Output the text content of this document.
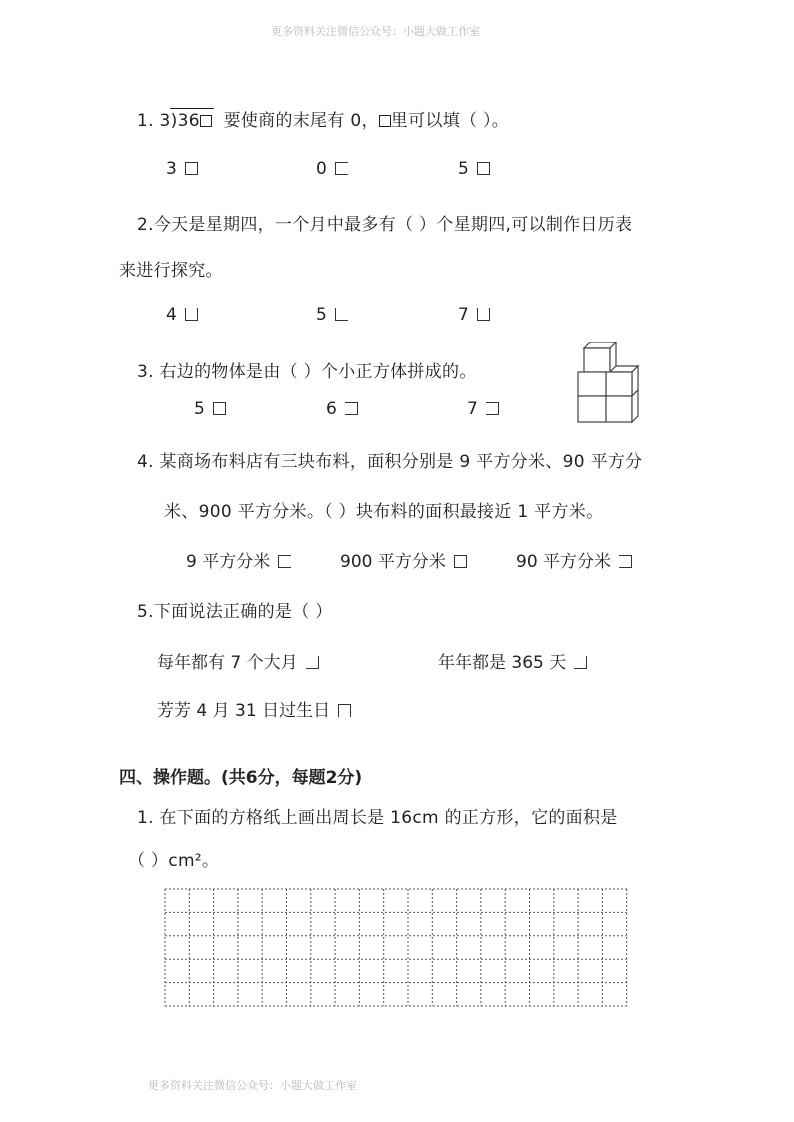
更多资料关注微信公众号：小题大做工作室
1. 3)36 要使商的末尾有 0， 里可以填（ ）。
3	0	5
2.今天是星期四，一个月中最多有（ ）个星期四,可以制作日历表
来进行探究。
4	5	7
3. 右边的物体是由（ ）个小正方体拼成的。
5	6	7
4. 某商场布料店有三块布料，面积分别是 9 平方分米、90 平方分
米、900 平方分米。（ ）块布料的面积最接近 1 平方米。
9 平方分米	900 平方分米	90 平方分米
5.下面说法正确的是（ ）
每年都有 7 个大月	年年都是 365 天
芳芳 4 月 31 日过生日
四、操作题。(共6分，每题2分)
1. 在下面的方格纸上画出周长是 16cm 的正方形，它的面积是
（ ）cm²。
更多资料关注微信公众号：小题大做工作室
